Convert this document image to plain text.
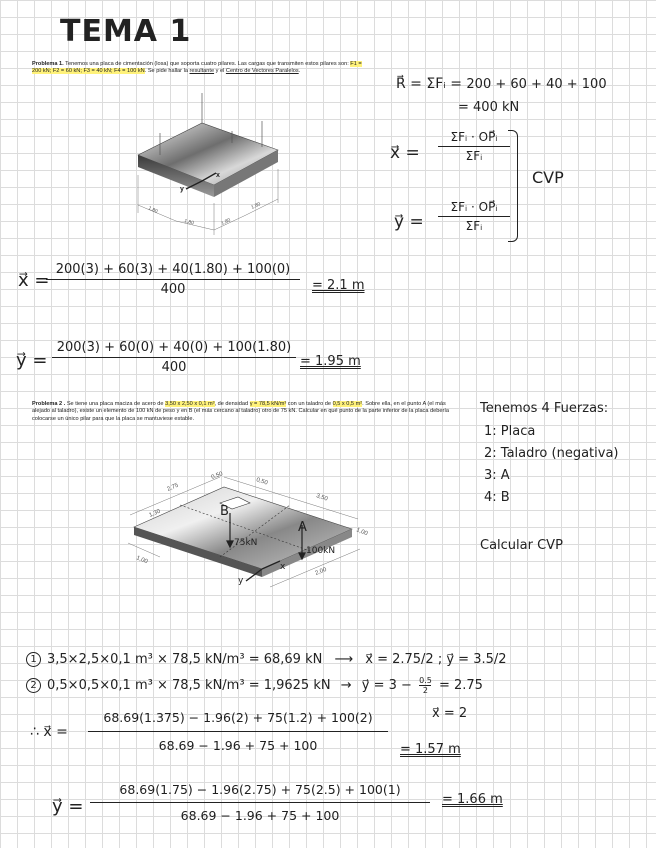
TEMA 1
Problema 1. Tenemos una placa de cimentación (losa) que soporta cuatro pilares. Las cargas que transmiten estos pilares son: F1 = 200 kN; F2 = 60 kN; F3 = 40 kN; F4 = 100 kN. Se pide hallar la resultante y el Centro de Vectores Paralelos.
1,80
1,80	1,80
1,80
y
x
R⃗ = ΣFᵢ = 200 + 60 + 40 + 100
= 400 kN
x⃗ =
ΣFᵢ · OP⃗ᵢ
ΣFᵢ
y⃗ =
ΣFᵢ · OP⃗ᵢ
ΣFᵢ
CVP
x⃗ =
200(3) + 60(3) + 40(1.80) + 100(0)
400	= 2.1 m
y⃗ =
200(3) + 60(0) + 40(0) + 100(1.80)
400	= 1.95 m
Problema 2 . Se tiene una placa maciza de acero de 3,50 x 2,50 x 0,1 m³, de densidad γ = 78,5 kN/m³ con un taladro de 0,5 x 0,5 m². Sobre ella, en el punto A (el más alejado al taladro), existe un elemento de 100 kN de peso y en B (el más cercano al taladro) otro de 75 kN. Calcular en qué punto de la parte inferior de la placa debería colocarse un único pilar para que la placa se mantuviese estable.
B
A
75kN
100kN
2,75
0,50
0,50
3,50
1,30
1,00
1,00
2,00
y
x
Tenemos 4 Fuerzas:
1: Placa
2: Taladro (negativa)
3: A
4: B
Calcular CVP
1 3,5×2,5×0,1 m³ × 78,5 kN/m³ = 68,69 kN ⟶ x⃗ = 2.75/2 ; y⃗ = 3.5/2
2 0,5×0,5×0,1 m³ × 78,5 kN/m³ = 1,9625 kN → y⃗ = $3 - \frac{0.5}{2} = 2.75$
x⃗ = 2
∴ x⃗ =
68.69(1.375) − 1.96(2) + 75(1.2) + 100(2)
68.69 − 1.96 + 75 + 100	= 1.57 m
y⃗ =
68.69(1.75) − 1.96(2.75) + 75(2.5) + 100(1)
68.69 − 1.96 + 75 + 100
= 1.66 m
